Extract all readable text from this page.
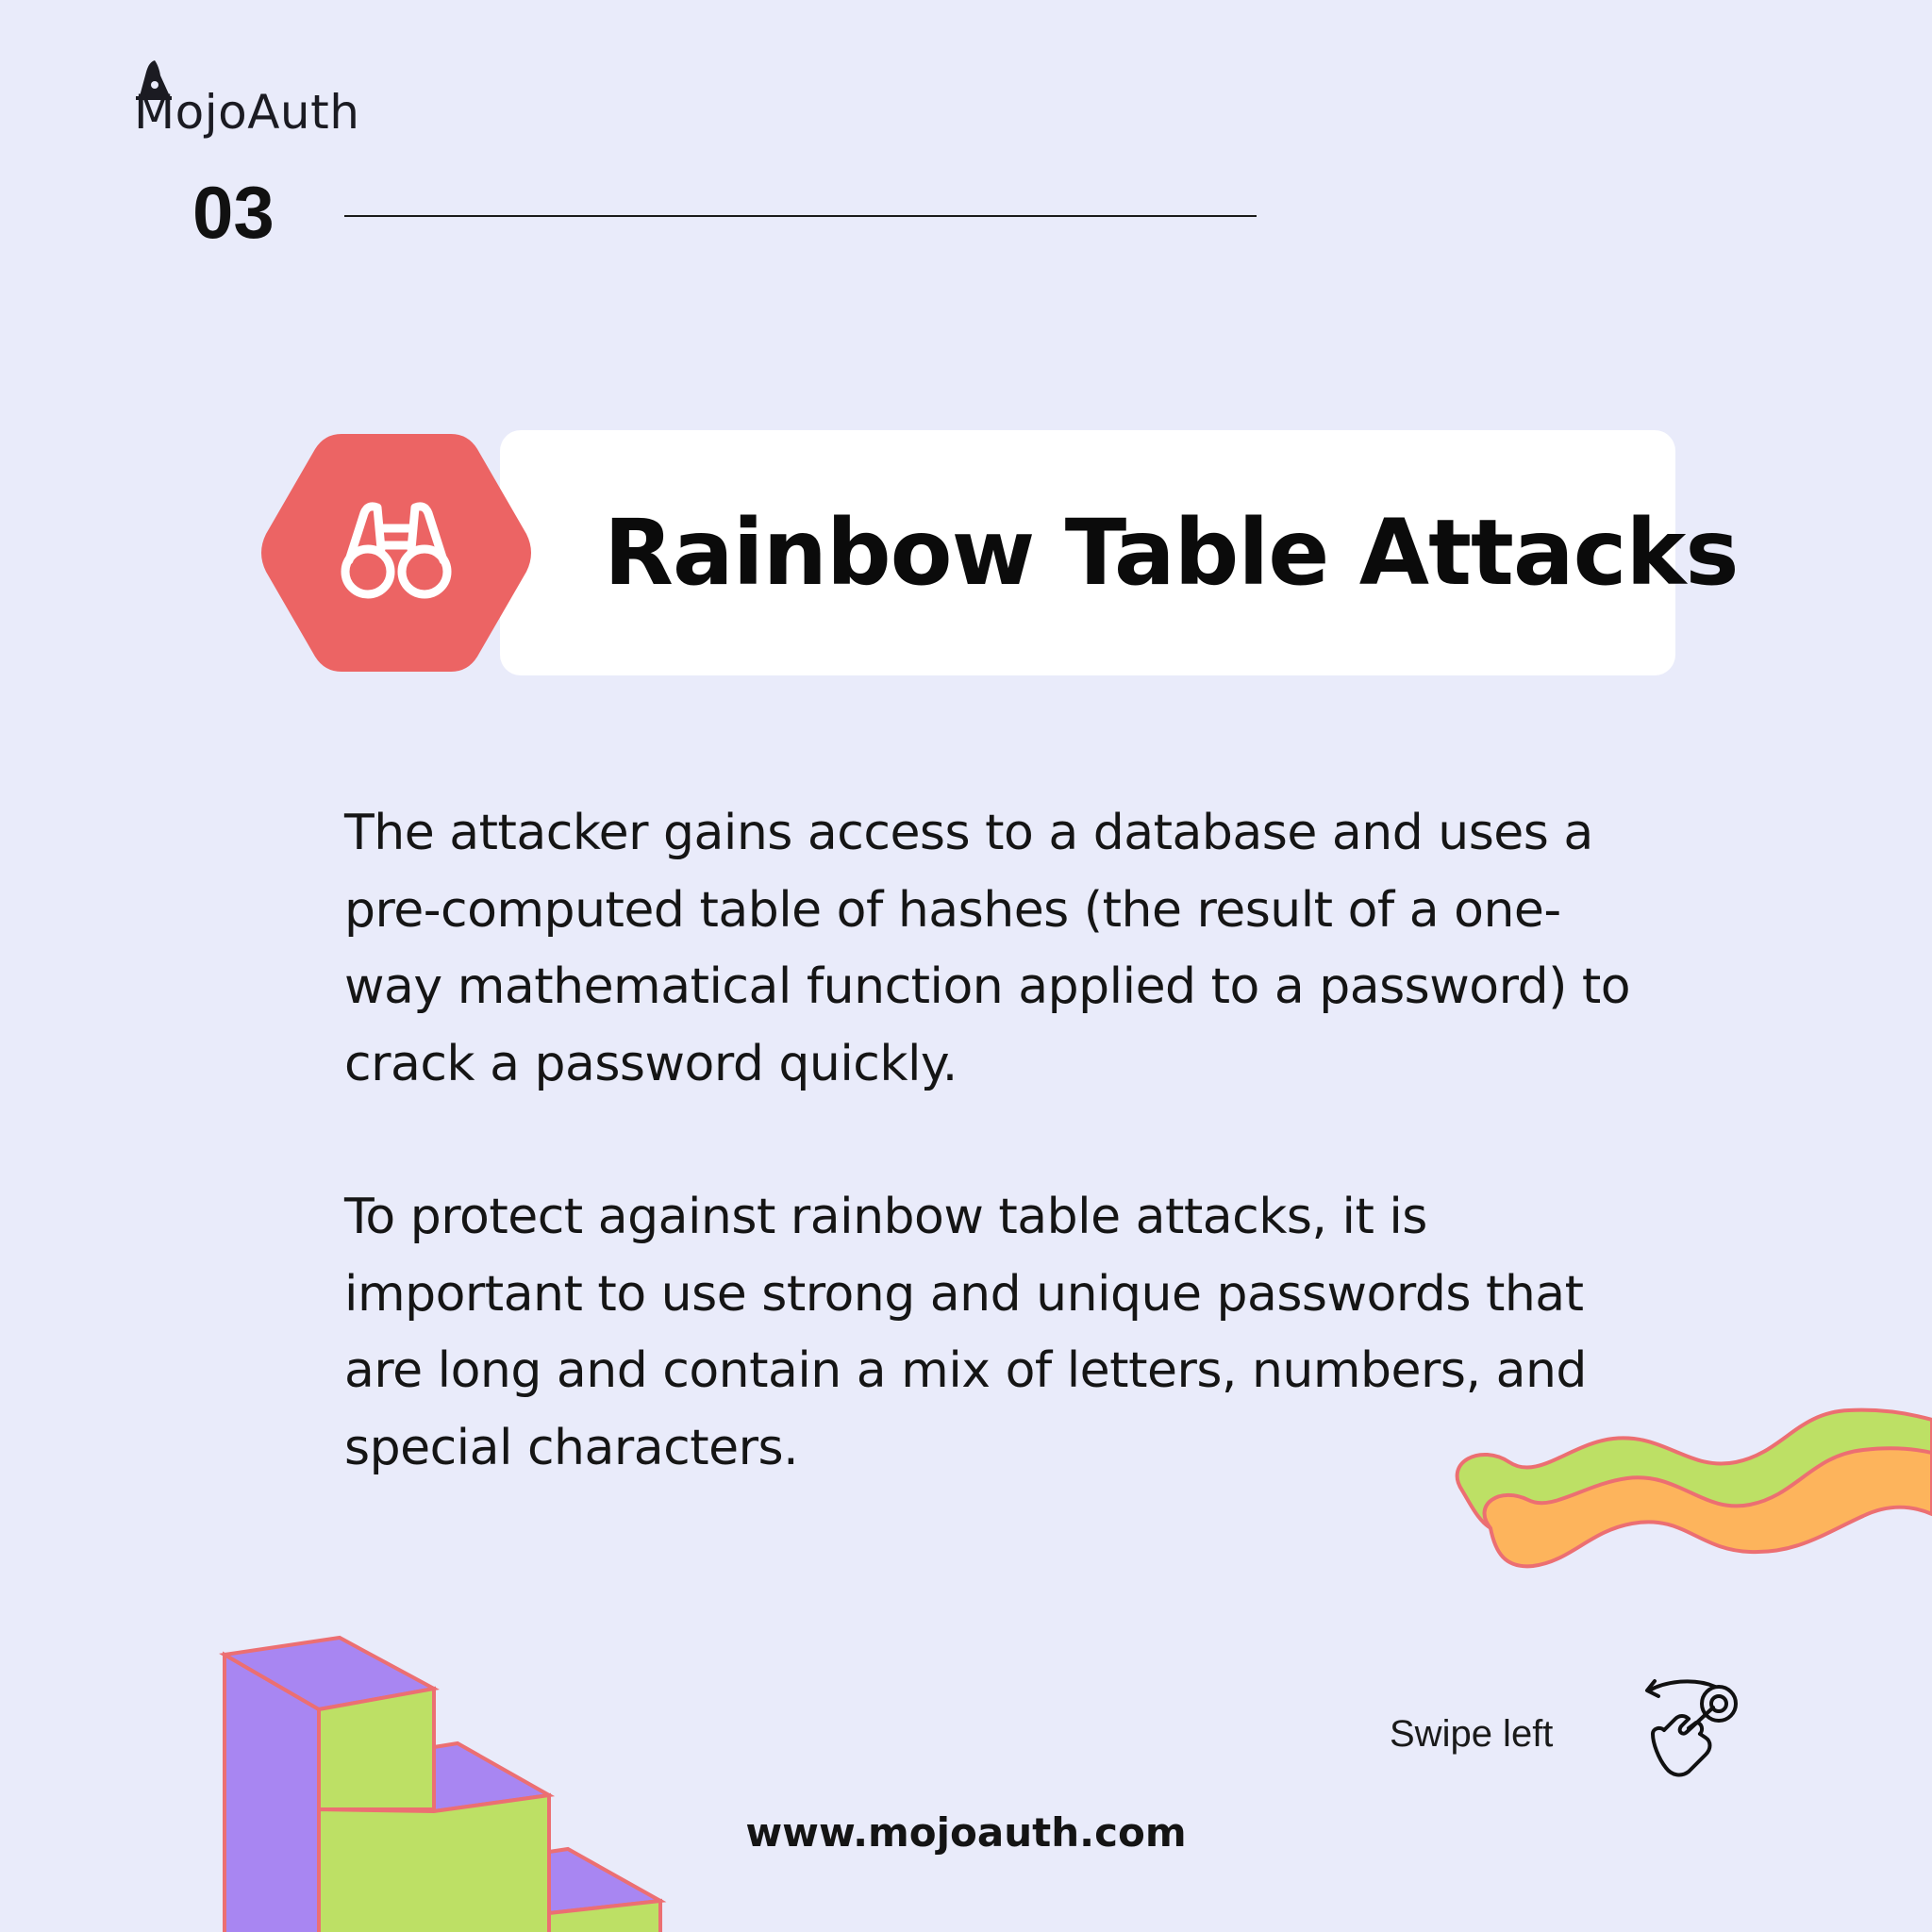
MojoAuth
03
Rainbow Table Attacks

The attacker gains access to a database and uses a pre-computed table of hashes (the result of a one-way mathematical function applied to a password) to crack a password quickly.

To protect against rainbow table attacks, it is important to use strong and unique passwords that are long and contain a mix of letters, numbers, and special characters.

Swipe left
www.mojoauth.com
